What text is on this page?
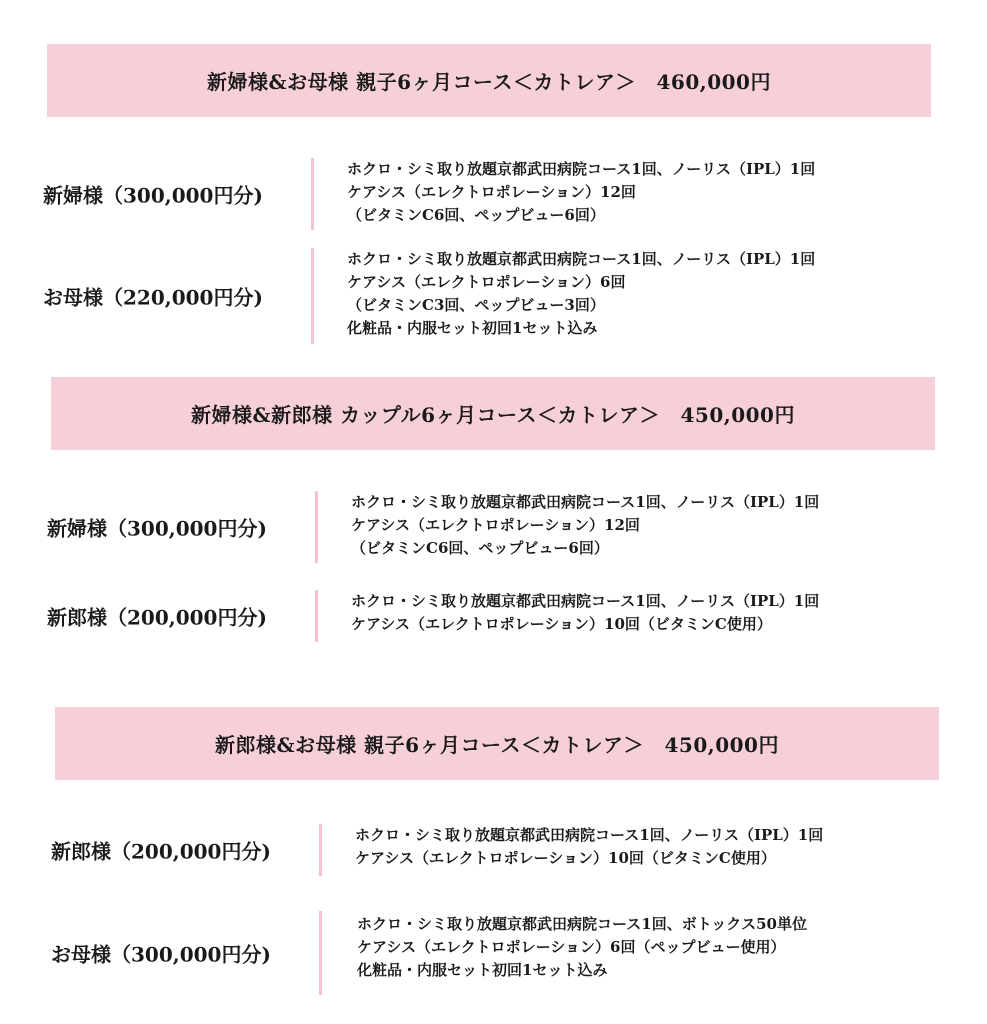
新婦様&お母様 親子6ヶ月コース＜カトレア＞　460,000円
新婦様（300,000円分)
ホクロ・シミ取り放題京都武田病院コース1回、ノーリス（IPL）1回
ケアシス（エレクトロポレーション）12回
（ビタミンC6回、ペップビュー6回）
お母様（220,000円分)
ホクロ・シミ取り放題京都武田病院コース1回、ノーリス（IPL）1回
ケアシス（エレクトロポレーション）6回
（ビタミンC3回、ペップビュー3回）
化粧品・内服セット初回1セット込み
新婦様&新郎様 カップル6ヶ月コース＜カトレア＞　450,000円
新婦様（300,000円分)
ホクロ・シミ取り放題京都武田病院コース1回、ノーリス（IPL）1回
ケアシス（エレクトロポレーション）12回
（ビタミンC6回、ペップビュー6回）
新郎様（200,000円分)
ホクロ・シミ取り放題京都武田病院コース1回、ノーリス（IPL）1回
ケアシス（エレクトロポレーション）10回（ビタミンC使用）
新郎様&お母様 親子6ヶ月コース＜カトレア＞　450,000円
新郎様（200,000円分)
ホクロ・シミ取り放題京都武田病院コース1回、ノーリス（IPL）1回
ケアシス（エレクトロポレーション）10回（ビタミンC使用）
お母様（300,000円分)
ホクロ・シミ取り放題京都武田病院コース1回、ボトックス50単位
ケアシス（エレクトロポレーション）6回（ペップビュー使用）
化粧品・内服セット初回1セット込み
